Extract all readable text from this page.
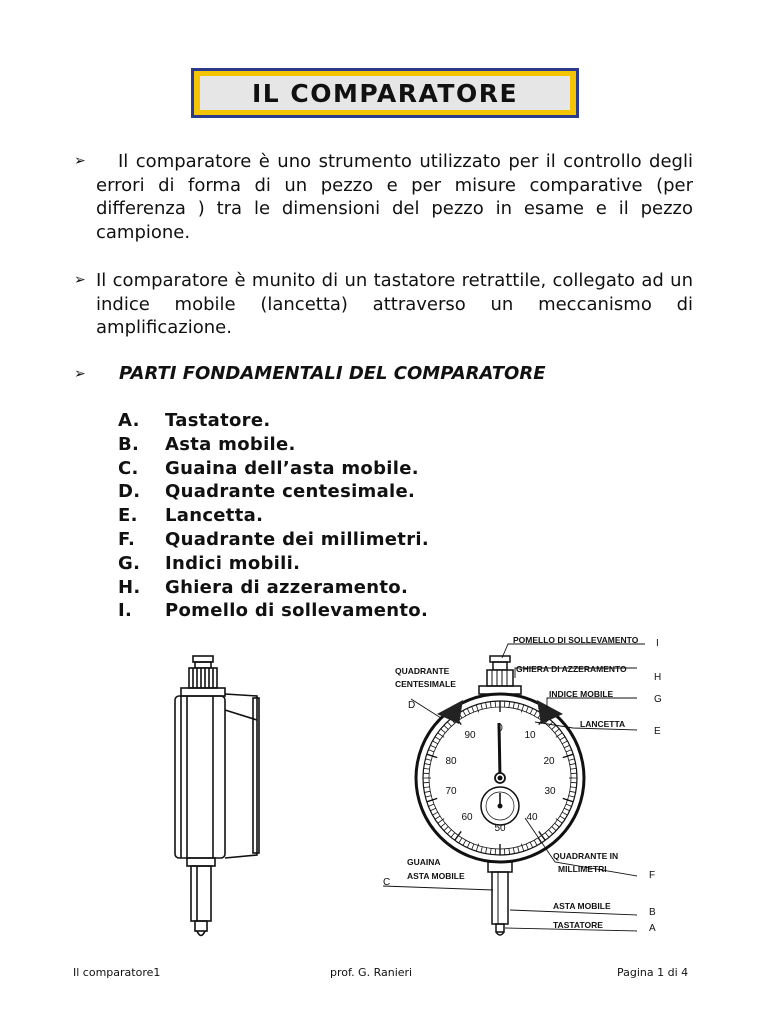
IL COMPARATORE
➢	Il comparatore è uno strumento utilizzato per il controllo degli errori di forma di un pezzo e per misure comparative (per differenza ) tra le dimensioni del pezzo in esame e il pezzo campione.
➢ Il comparatore è munito di un tastatore retrattile, collegato ad un indice mobile (lancetta) attraverso un meccanismo di amplificazione.
➢ PARTI FONDAMENTALI DEL COMPARATORE
A. Tastatore.
B. Asta mobile.
C. Guaina dell’asta mobile.
D. Quadrante centesimale.
E. Lancetta.
F. Quadrante dei millimetri.
G. Indici mobili.
H. Ghiera di azzeramento.
I. Pomello di sollevamento.
0
10
20
30
40
50
60
70
80
90
POMELLO DI SOLLEVAMENTO
GHIERA DI AZZERAMENTO
INDICE MOBILE
LANCETTA
QUADRANTE
CENTESIMALE
QUADRANTE IN
MILLIMETRI
GUAINA
ASTA MOBILE
ASTA MOBILE
TASTATORE
I
H
G
E
D
F
C
B
A
Il comparatore1	prof. G. Ranieri	Pagina 1 di 4
